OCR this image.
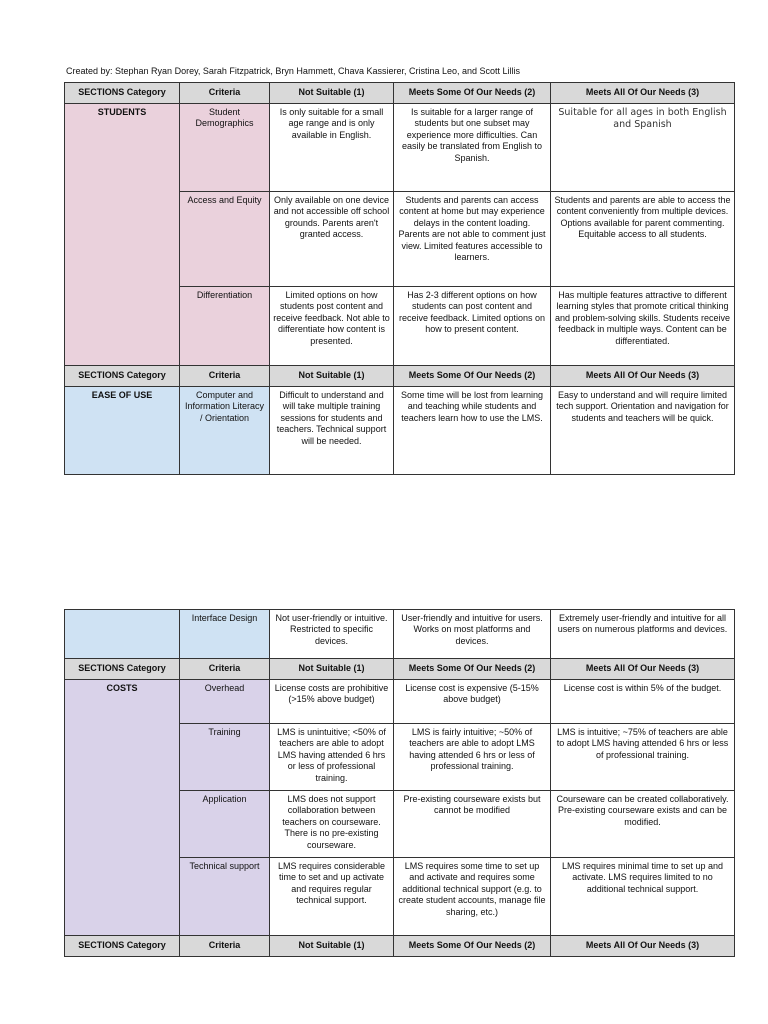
Created by: Stephan Ryan Dorey, Sarah Fitzpatrick, Bryn Hammett, Chava Kassierer, Cristina Leo, and Scott Lillis
SECTIONS Category	Criteria	Not Suitable (1)	Meets Some Of Our Needs (2)	Meets All Of Our Needs (3)
STUDENTS	Student Demographics	Is only suitable for a small age range and is only available in English.	Is suitable for a larger range of students but one subset may experience more difficulties. Can easily be translated from English to Spanish.	Suitable for all ages in both English and Spanish
	Access and Equity	Only available on one device and not accessible off school grounds. Parents aren't granted access.	Students and parents can access content at home but may experience delays in the content loading. Parents are not able to comment just view. Limited features accessible to learners.	Students and parents are able to access the content conveniently from multiple devices. Options available for parent commenting. Equitable access to all students.
	Differentiation	Limited options on how students post content and receive feedback. Not able to differentiate how content is presented.	Has 2-3 different options on how students can post content and receive feedback. Limited options on how to present content.	Has multiple features attractive to different learning styles that promote critical thinking and problem-solving skills. Students receive feedback in multiple ways. Content can be differentiated.
SECTIONS Category	Criteria	Not Suitable (1)	Meets Some Of Our Needs (2)	Meets All Of Our Needs (3)
EASE OF USE	Computer and Information Literacy / Orientation	Difficult to understand and will take multiple training sessions for students and teachers. Technical support will be needed.	Some time will be lost from learning and teaching while students and teachers learn how to use the LMS.	Easy to understand and will require limited tech support. Orientation and navigation for students and teachers will be quick.
	Interface Design	Not user-friendly or intuitive. Restricted to specific devices.	User-friendly and intuitive for users. Works on most platforms and devices.	Extremely user-friendly and intuitive for all users on numerous platforms and devices.
SECTIONS Category	Criteria	Not Suitable (1)	Meets Some Of Our Needs (2)	Meets All Of Our Needs (3)
COSTS	Overhead	License costs are prohibitive (>15% above budget)	License cost is expensive (5-15% above budget)	License cost is within 5% of the budget.
	Training	LMS is unintuitive; <50% of teachers are able to adopt LMS having attended 6 hrs or less of professional training.	LMS is fairly intuitive; ~50% of teachers are able to adopt LMS having attended 6 hrs or less of professional training.	LMS is intuitive; ~75% of teachers are able to adopt LMS having attended 6 hrs or less of professional training.
	Application	LMS does not support collaboration between teachers on courseware. There is no pre-existing courseware.	Pre-existing courseware exists but cannot be modified	Courseware can be created collaboratively. Pre-existing courseware exists and can be modified.
	Technical support	LMS requires considerable time to set and up activate and requires regular technical support.	LMS requires some time to set up and activate and requires some additional technical support (e.g. to create student accounts, manage file sharing, etc.)	LMS requires minimal time to set up and activate. LMS requires limited to no additional technical support.
SECTIONS Category	Criteria	Not Suitable (1)	Meets Some Of Our Needs (2)	Meets All Of Our Needs (3)
